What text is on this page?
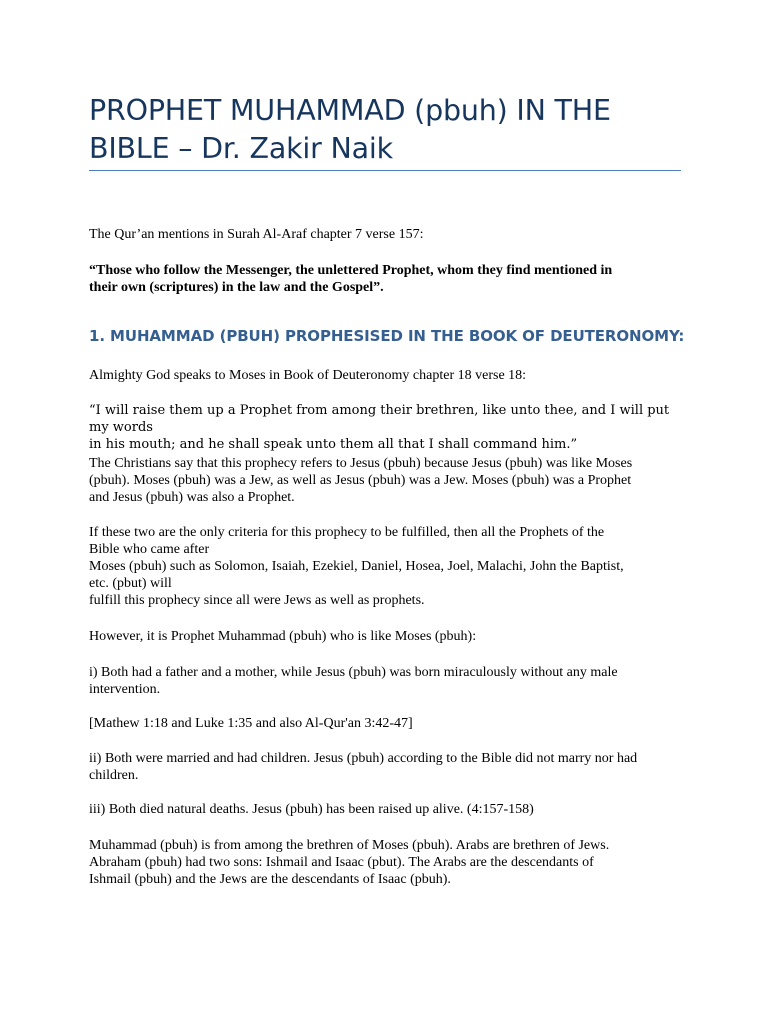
PROPHET MUHAMMAD (pbuh) IN THE
BIBLE – Dr. Zakir Naik

The Qur’an mentions in Surah Al-Araf chapter 7 verse 157:

“Those who follow the Messenger, the unlettered Prophet, whom they find mentioned in
their own (scriptures) in the law and the Gospel”.

1. MUHAMMAD (PBUH) PROPHESISED IN THE BOOK OF DEUTERONOMY:

Almighty God speaks to Moses in Book of Deuteronomy chapter 18 verse 18:

“I will raise them up a Prophet from among their brethren, like unto thee, and I will put my words
in his mouth; and he shall speak unto them all that I shall command him.”

The Christians say that this prophecy refers to Jesus (pbuh) because Jesus (pbuh) was like Moses
(pbuh). Moses (pbuh) was a Jew, as well as Jesus (pbuh) was a Jew. Moses (pbuh) was a Prophet
and Jesus (pbuh) was also a Prophet.

If these two are the only criteria for this prophecy to be fulfilled, then all the Prophets of the
Bible who came after
Moses (pbuh) such as Solomon, Isaiah, Ezekiel, Daniel, Hosea, Joel, Malachi, John the Baptist,
etc. (pbut) will
fulfill this prophecy since all were Jews as well as prophets.

However, it is Prophet Muhammad (pbuh) who is like Moses (pbuh):

i) Both had a father and a mother, while Jesus (pbuh) was born miraculously without any male
intervention.

[Mathew 1:18 and Luke 1:35 and also Al-Qur'an 3:42-47]

ii) Both were married and had children. Jesus (pbuh) according to the Bible did not marry nor had
children.

iii) Both died natural deaths. Jesus (pbuh) has been raised up alive. (4:157-158)

Muhammad (pbuh) is from among the brethren of Moses (pbuh). Arabs are brethren of Jews.
Abraham (pbuh) had two sons: Ishmail and Isaac (pbut). The Arabs are the descendants of
Ishmail (pbuh) and the Jews are the descendants of Isaac (pbuh).
